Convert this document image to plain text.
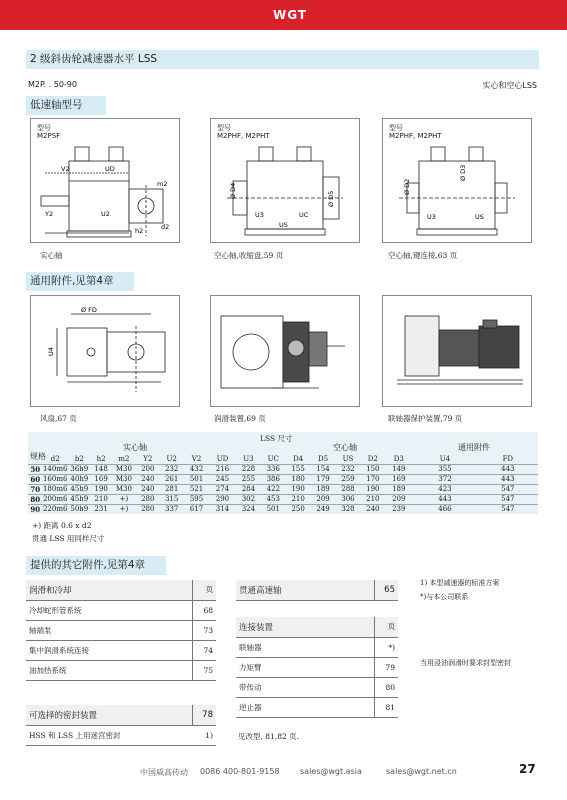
WGT
2 级斜齿轮减速器水平 LSS
M2P. . 50-90	实心和空心LSS
低速轴型号
型号
M2PSF
V2	UD
Y2	U2
h2
m2
d2
型号
M2PHF, M2PHT
Ø D4	Ø D5
U3	UC
US
型号
M2PHF, M2PHT
Ø D2
Ø D3
U3	US
实心轴	空心轴,收缩盘,59 页	空心轴,键连接,63 页
通用附件,见第4章
Ø FD
U4
风扇,67 页	润滑装置,69 页	联轴器保护装置,79 页
LSS 尺寸
规格
实心轴	空心轴	通用附件
	d2	b2	h2	m2	Y2	U2	V2	UD	U3	UC	D4	D5	US	D2	D3	U4	FD
50	140m6	36h9	148	M30	200	232	432	216	228	336	155	154	232	150	149	355	443
60	160m6	40h9	169	M30	240	261	501	245	255	386	180	179	259	170	169	372	443
70	180m6	45h9	190	M30	240	281	521	274	284	422	190	189	288	190	189	423	547
80	200m6	45h9	210	+)	280	315	595	290	302	453	210	209	306	210	209	443	547
90	220m6	50h9	231	+)	280	337	617	314	324	501	250	249	328	240	239	466	547
+) 距离 0.6 x d2
贯通 LSS 用同样尺寸
提供的其它附件,见第4章
润滑和冷却	页
冷却蛇形管系统	68
轴端泵	73
集中润滑系统连接	74
油加热系统	75
可选择的密封装置	78
HSS 和 LSS 上用迷宫密封	1)
贯通高速轴	65
连接装置	页
联轴器	*)
力矩臂	79
带传动	80
逆止器	81
见改型, 81,82 页.
1) 本型减速器的标准方案
*)与本公司联系
当用浸油润滑时要求封型密封
中国威高传动 0086 400-801-9158	sales@wgt.asia	sales@wgt.net.cn	27
